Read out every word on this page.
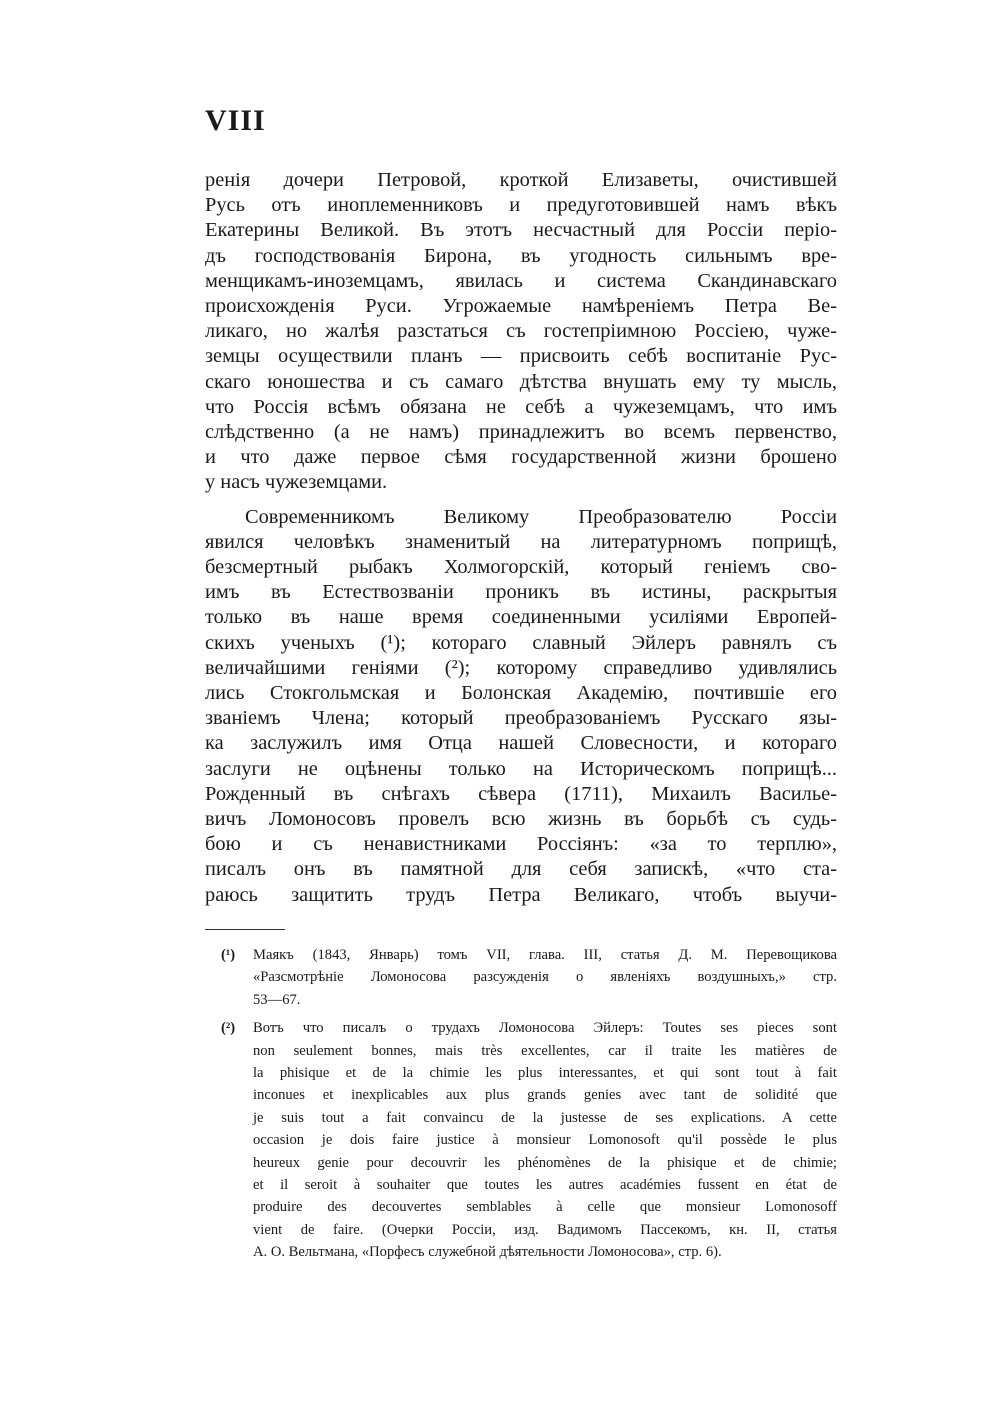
VIII
ренія дочери Петровой, кроткой Елизаветы, очистившей
Русь отъ иноплеменниковъ и предуготовившей намъ вѣкъ
Екатерины Великой. Въ этотъ несчастный для Россіи періо-
дъ господствованія Бирона, въ угодность сильнымъ вре-
менщикамъ-иноземцамъ, явилась и система Скандинавскаго
происхожденія Руси. Угрожаемые намѣреніемъ Петра Ве-
ликаго, но жалѣя разстаться съ гостепріимною Россіею, чуже-
земцы осуществили планъ — присвоить себѣ воспитаніе Рус-
скаго юношества и съ самаго дѣтства внушать ему ту мысль,
что Россія всѣмъ обязана не себѣ а чужеземцамъ, что имъ
слѣдственно (а не намъ) принадлежитъ во всемъ первенство,
и что даже первое сѣмя государственной жизни брошено
у насъ чужеземцами.
Современникомъ Великому Преобразователю Россіи
явился человѣкъ знаменитый на литературномъ поприщѣ,
безсмертный рыбакъ Холмогорскій, который геніемъ сво-
имъ въ Естествозваніи проникъ въ истины, раскрытыя
только въ наше время соединенными усиліями Европей-
скихъ ученыхъ (¹); котораго славный Эйлеръ равнялъ съ
величайшими геніями (²); которому справедливо удивлялись
лись Стокгольмская и Болонская Академію, почтившіе его
званіемъ Члена; который преобразованіемъ Русскаго язы-
ка заслужилъ имя Отца нашей Словесности, и котораго
заслуги не оцѣнены только на Историческомъ поприщѣ...
Рожденный въ снѣгахъ сѣвера (1711), Михаилъ Василье-
вичъ Ломоносовъ провелъ всю жизнь въ борьбѣ съ судь-
бою и съ ненавистниками Россіянъ: «за то терплю»,
писалъ онъ въ памятной для себя запискѣ, «что ста-
раюсь защитить трудъ Петра Великаго, чтобъ выучи-
(¹) Маякъ (1843, Январь) томъ VII, глава. III, статья Д. М. Перевощикова
«Разсмотрѣніе Ломоносова разсужденія о явленіяхъ воздушныхъ,» стр.
53—67.
(²) Вотъ что писалъ о трудахъ Ломоносова Эйлеръ: Toutes ses pieces sont
non seulement bonnes, mais très excellentes, car il traite les matières de
la phisique et de la chimie les plus interessantes, et qui sont tout à fait
inconues et inexplicables aux plus grands genies avec tant de solidité que
je suis tout a fait convaincu de la justesse de ses explications. A cette
occasion je dois faire justice à monsieur Lomonosoft qu'il possède le plus
heureux genie pour decouvrir les phénomènes de la phisique et de chimie;
et il seroit à souhaiter que toutes les autres académies fussent en état de
produire des decouvertes semblables à celle que monsieur Lomonosoff
vient de faire. (Очерки Россіи, изд. Вадимомъ Пассекомъ, кн. II, статья
А. О. Вельтмана, «Порфесъ служебной дѣятельности Ломоносова», стр. 6).
